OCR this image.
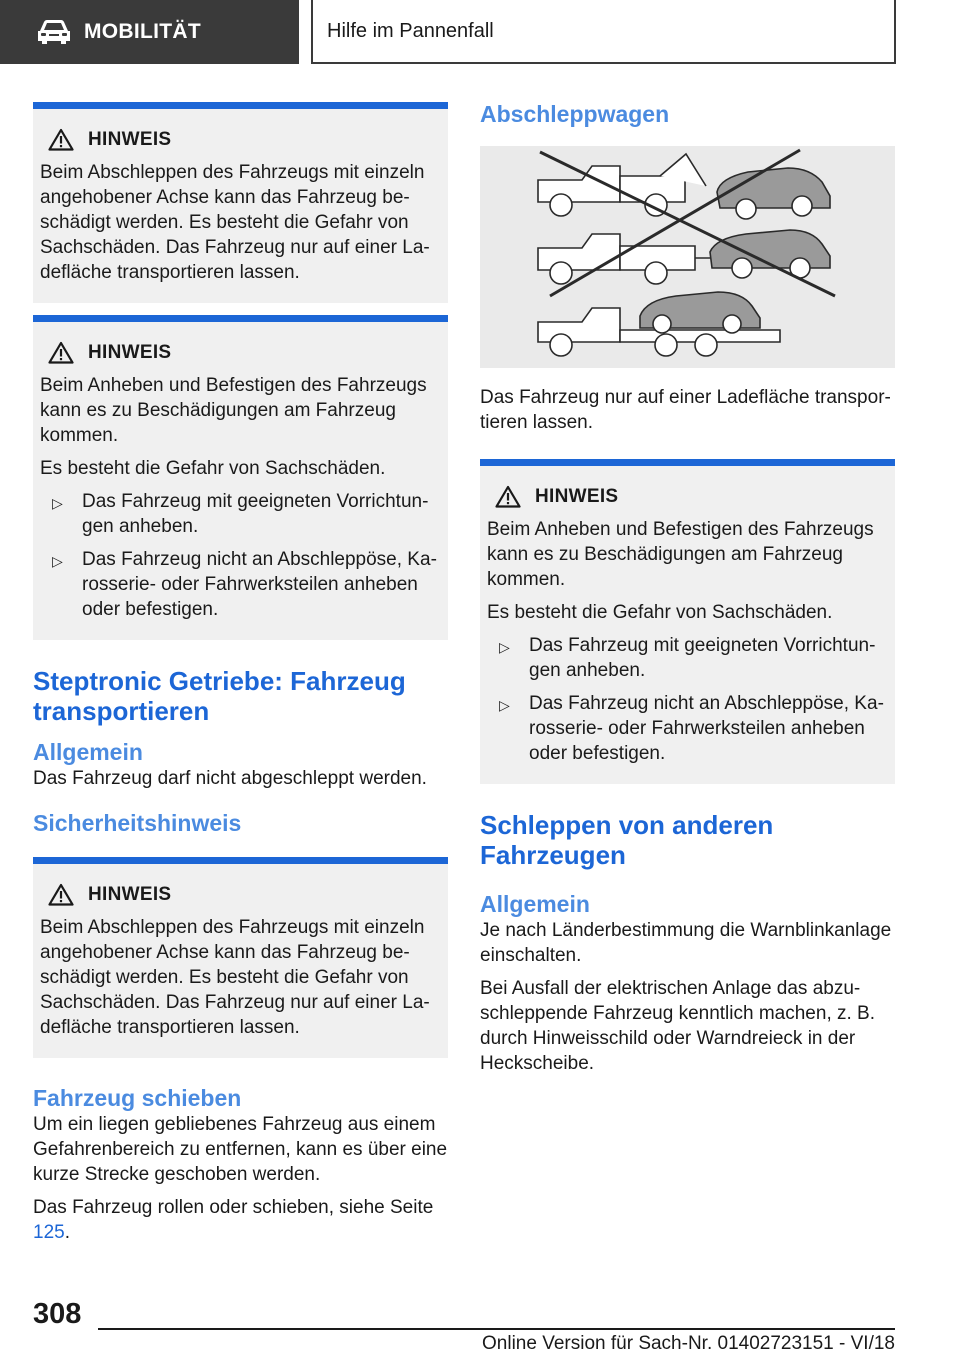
MOBILITÄT	Hilfe im Pannenfall
HINWEIS

Beim Abschleppen des Fahrzeugs mit einzeln angehobener Achse kann das Fahrzeug beschädigt werden. Es besteht die Gefahr von Sachschäden. Das Fahrzeug nur auf einer Ladefläche transportieren lassen.

HINWEIS

Beim Anheben und Befestigen des Fahrzeugs kann es zu Beschädigungen am Fahrzeug kommen.

Es besteht die Gefahr von Sachschäden.

▷	Das Fahrzeug mit geeigneten Vorrichtungen anheben.
▷	Das Fahrzeug nicht an Abschleppöse, Karosserie- oder Fahrwerksteilen anheben oder befestigen.
Steptronic Getriebe: Fahrzeug transportieren
Allgemein
Das Fahrzeug darf nicht abgeschleppt werden.
Sicherheitshinweis
HINWEIS

Beim Abschleppen des Fahrzeugs mit einzeln angehobener Achse kann das Fahrzeug beschädigt werden. Es besteht die Gefahr von Sachschäden. Das Fahrzeug nur auf einer Ladefläche transportieren lassen.

Fahrzeug schieben

Um ein liegen gebliebenes Fahrzeug aus einem Gefahrenbereich zu entfernen, kann es über eine kurze Strecke geschoben werden.

Das Fahrzeug rollen oder schieben, siehe Seite 125.

Abschleppwagen
Das Fahrzeug nur auf einer Ladefläche transportieren lassen.
HINWEIS

Beim Anheben und Befestigen des Fahrzeugs kann es zu Beschädigungen am Fahrzeug kommen.

Es besteht die Gefahr von Sachschäden.

▷	Das Fahrzeug mit geeigneten Vorrichtungen anheben.
▷	Das Fahrzeug nicht an Abschleppöse, Karosserie- oder Fahrwerksteilen anheben oder befestigen.
Schleppen von anderen Fahrzeugen
Allgemein

Je nach Länderbestimmung die Warnblinkanlage einschalten.

Bei Ausfall der elektrischen Anlage das abzuschleppende Fahrzeug kenntlich machen, z. B. durch Hinweisschild oder Warndreieck in der Heckscheibe.

308
Online Version für Sach-Nr. 01402723151 - VI/18
